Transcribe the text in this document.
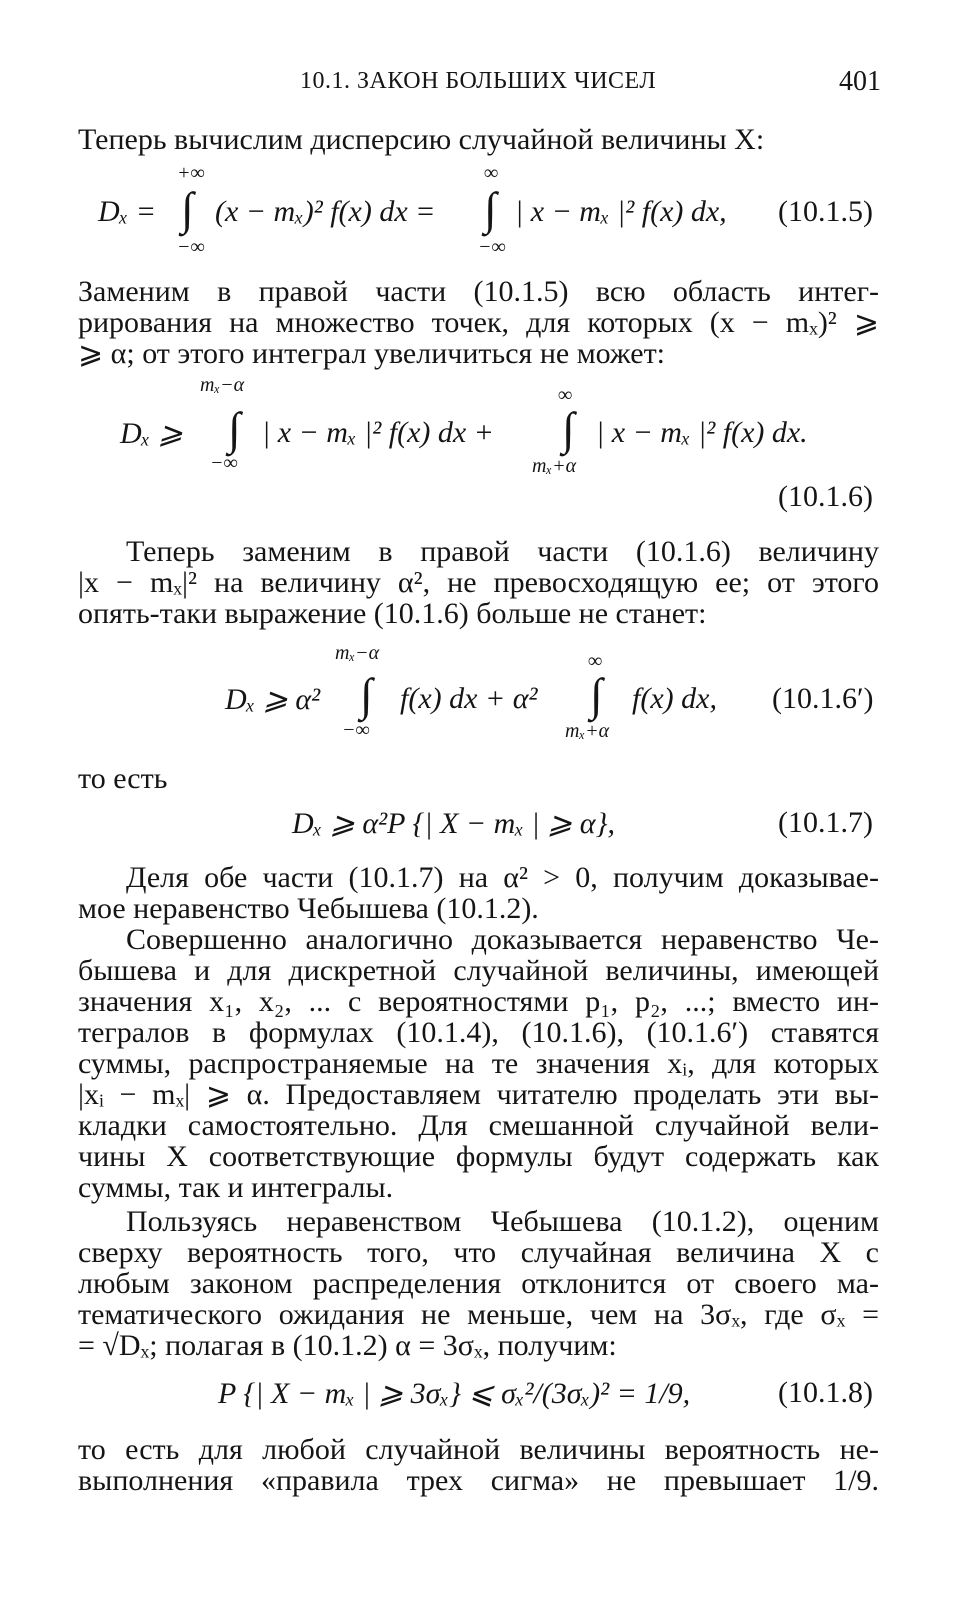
10.1. ЗАКОН БОЛЬШИХ ЧИСЕЛ	401
Теперь вычислим дисперсию случайной величины X:
Dₓ =
+∞
∫
−∞
(x − mₓ)² f(x) dx =
∞
∫
−∞
| x − mₓ |² f(x) dx, (10.1.5)
Заменим в правой части (10.1.5) всю область интег-
рирования на множество точек, для которых (x − mₓ)² ⩾
⩾ α; от этого интеграл увеличиться не может:
Dₓ ⩾
mₓ−α
∫
−∞
| x − mₓ |² f(x) dx +
∞
∫
mₓ+α
| x − mₓ |² f(x) dx.
(10.1.6)
Теперь заменим в правой части (10.1.6) величину
|x − mₓ|² на величину α², не превосходящую ее; от этого
опять-таки выражение (10.1.6) больше не станет:
Dₓ ⩾ α²
mₓ−α
∫
−∞
f(x) dx + α²
∞
∫
mₓ+α
f(x) dx, (10.1.6′)
то есть
Dₓ ⩾ α²P {| X − mₓ | ⩾ α},	(10.1.7)
Деля обе части (10.1.7) на α² > 0, получим доказывае-
мое неравенство Чебышева (10.1.2).
Совершенно аналогично доказывается неравенство Че-
бышева и для дискретной случайной величины, имеющей
значения x₁, x₂, ... с вероятностями p₁, p₂, ...; вместо ин-
тегралов в формулах (10.1.4), (10.1.6), (10.1.6′) ставятся
суммы, распространяемые на те значения xᵢ, для которых
|xᵢ − mₓ| ⩾ α. Предоставляем читателю проделать эти вы-
кладки самостоятельно. Для смешанной случайной вели-
чины X соответствующие формулы будут содержать как
суммы, так и интегралы.
Пользуясь неравенством Чебышева (10.1.2), оценим
сверху вероятность того, что случайная величина X с
любым законом распределения отклонится от своего ма-
тематического ожидания не меньше, чем на 3σₓ, где σₓ =
= √Dₓ; полагая в (10.1.2) α = 3σₓ, получим:
P {| X − mₓ | ⩾ 3σₓ} ⩽ σₓ²/(3σₓ)² = 1/9,	(10.1.8)
то есть для любой случайной величины вероятность не-
выполнения «правила трех сигма» не превышает 1/9.
